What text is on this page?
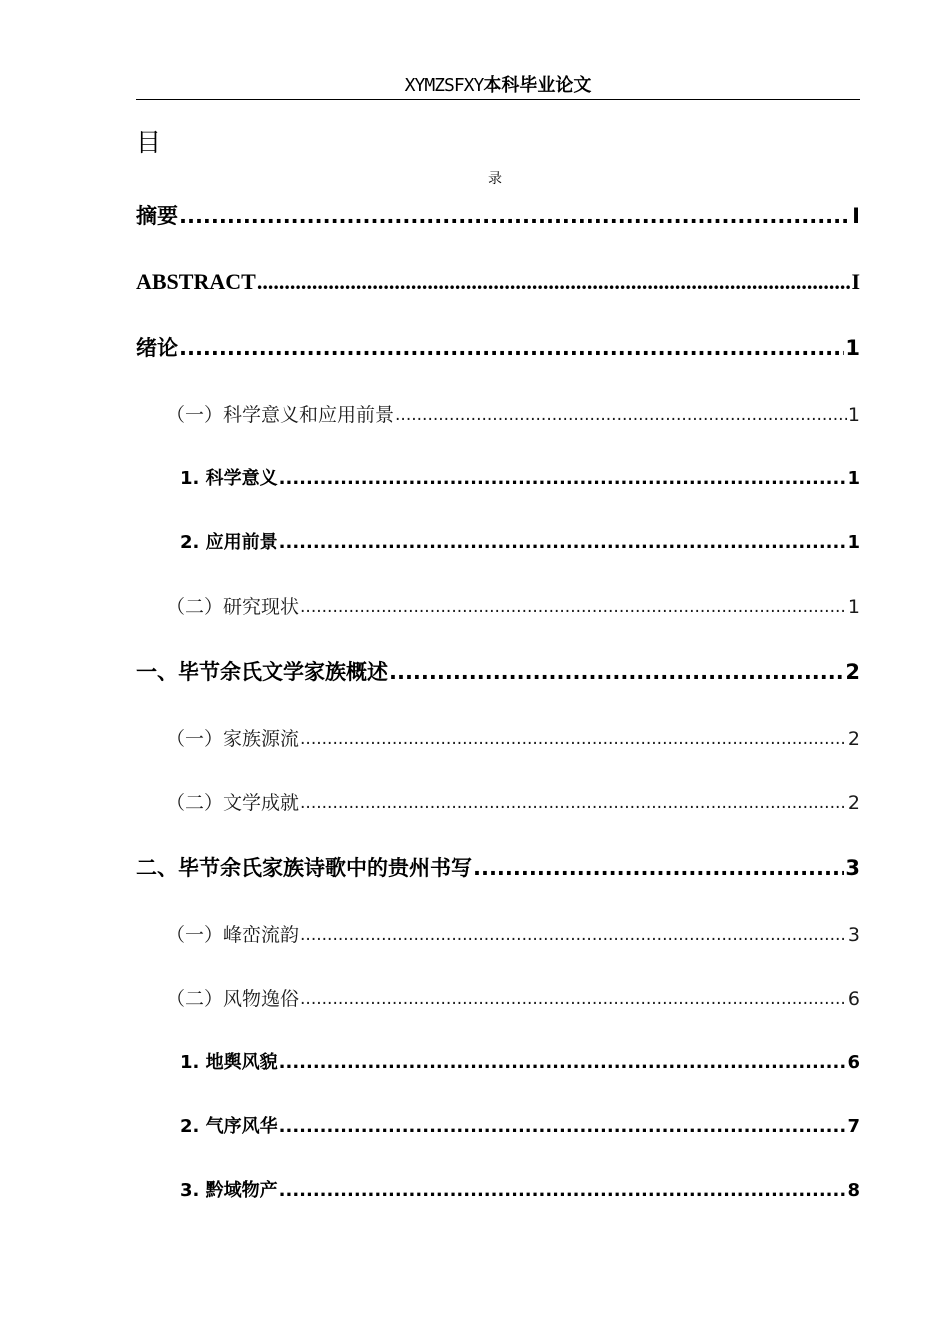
XYMZSFXY本科毕业论文
目
录
摘要 .....	I
ABSTRACT .....	I
绪论 .....	1
（一）科学意义和应用前景 .....	1
1. 科学意义 .....	1
2. 应用前景 .....	1
（二）研究现状 .....	1
一、毕节余氏文学家族概述 .....	2
（一）家族源流 .....	2
（二）文学成就 .....	2
二、毕节余氏家族诗歌中的贵州书写 .....	3
（一）峰峦流韵 .....	3
（二）风物逸俗 .....	6
1. 地舆风貌 .....	6
2. 气序风华 .....	7
3. 黔域物产 .....	8
